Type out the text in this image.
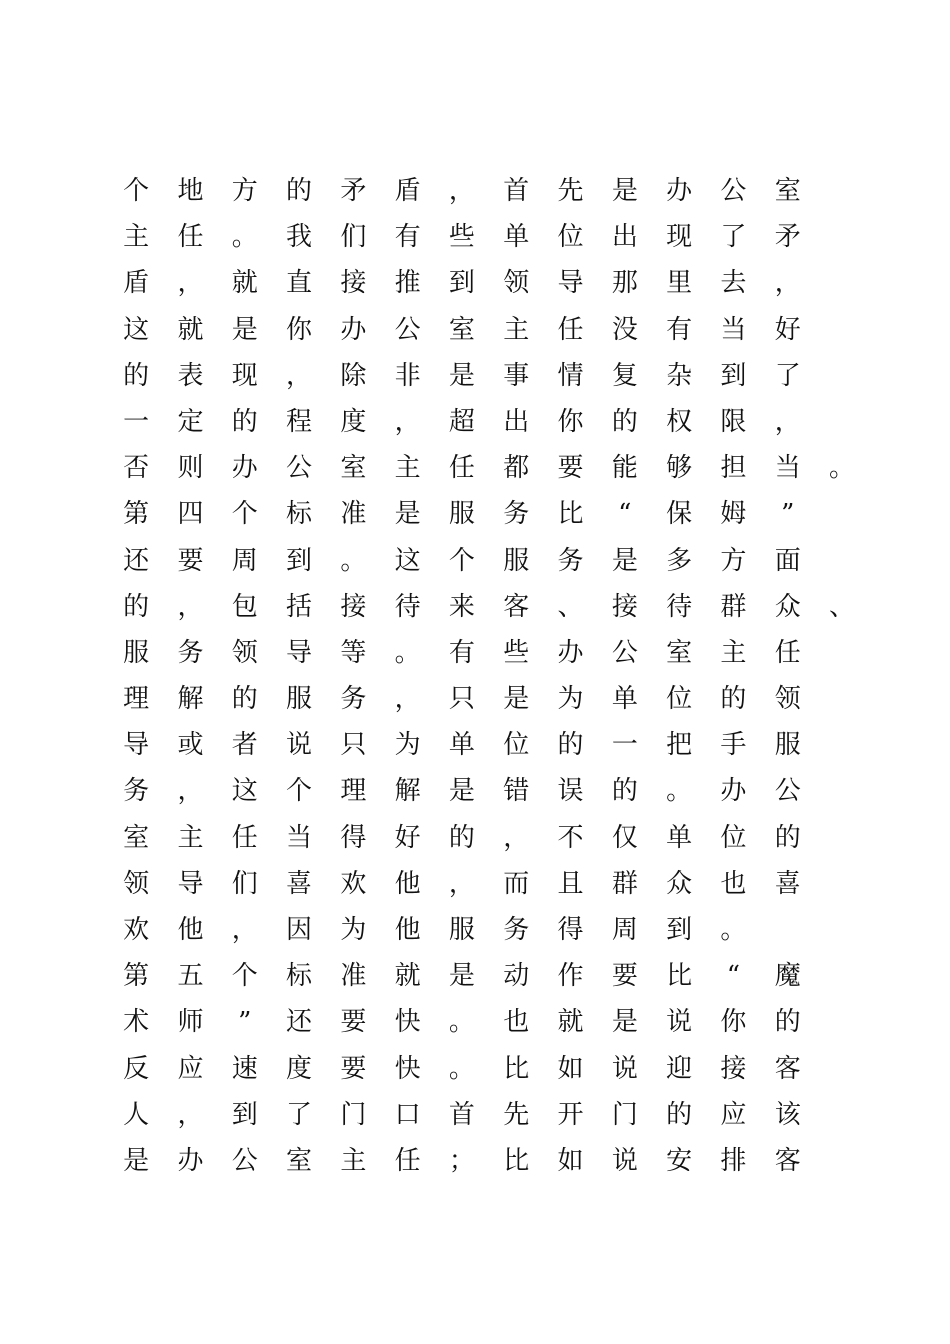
个 地 方 的 矛 盾 ， 首 先 是 办 公 室
主 任 。 我 们 有 些 单 位 出 现 了 矛
盾 ， 就 直 接 推 到 领 导 那 里 去 ，
这 就 是 你 办 公 室 主 任 没 有 当 好
的 表 现 ， 除 非 是 事 情 复 杂 到 了
一 定 的 程 度 ， 超 出 你 的 权 限 ，
否 则 办 公 室 主 任 都 要 能 够 担 当 。
第 四 个 标 准 是 服 务 比 “ 保 姆 ”
还 要 周 到 。 这 个 服 务 是 多 方 面
的 ， 包 括 接 待 来 客 、 接 待 群 众 、
服 务 领 导 等 。 有 些 办 公 室 主 任
理 解 的 服 务 ， 只 是 为 单 位 的 领
导 或 者 说 只 为 单 位 的 一 把 手 服
务 ， 这 个 理 解 是 错 误 的 。 办 公
室 主 任 当 得 好 的 ， 不 仅 单 位 的
领 导 们 喜 欢 他 ， 而 且 群 众 也 喜
欢 他 ， 因 为 他 服 务 得 周 到 。
第 五 个 标 准 就 是 动 作 要 比 “ 魔
术 师 ” 还 要 快 。 也 就 是 说 你 的
反 应 速 度 要 快 。 比 如 说 迎 接 客
人 ， 到 了 门 口 首 先 开 门 的 应 该
是 办 公 室 主 任 ； 比 如 说 安 排 客
